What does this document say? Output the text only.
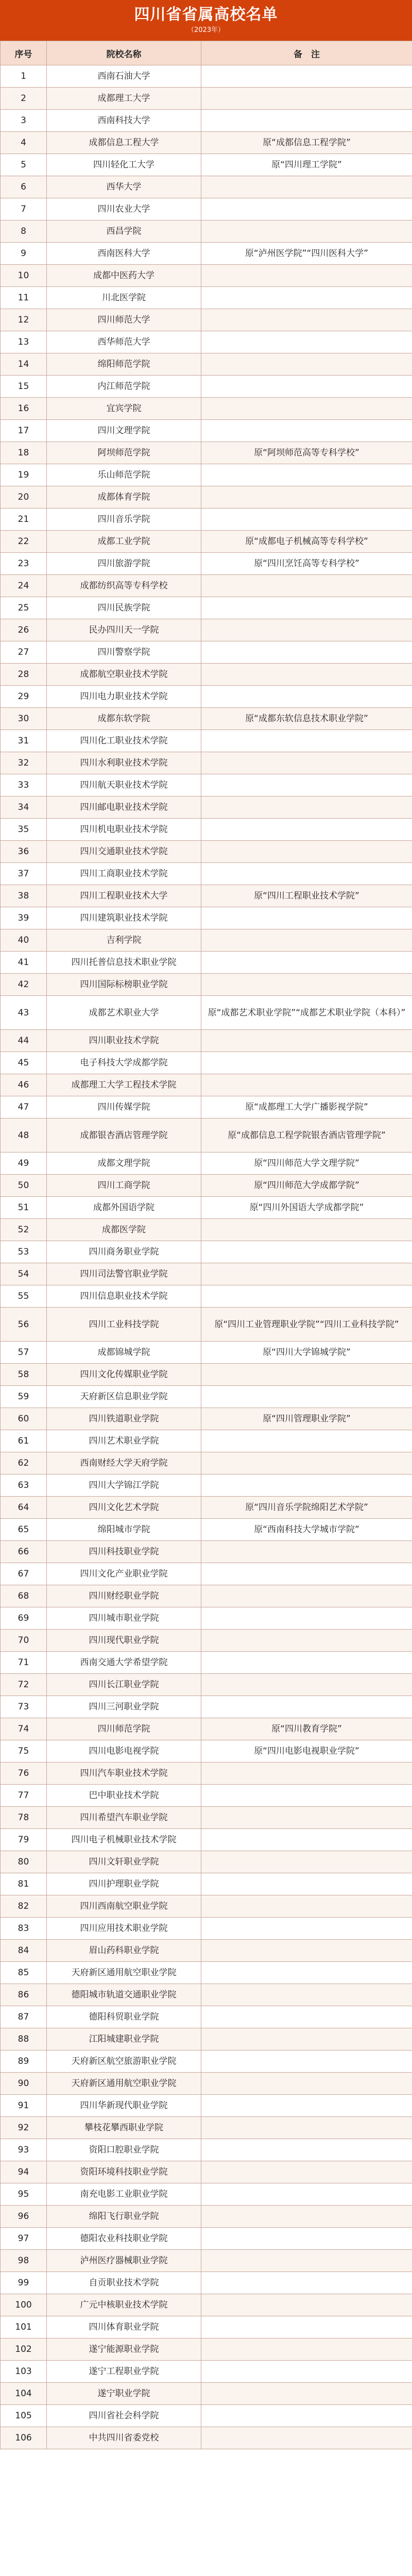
四川省省属高校名单
（2023年）
序号	院校名称	备　注
1	西南石油大学	
2	成都理工大学	
3	西南科技大学	
4	成都信息工程大学	原“成都信息工程学院”
5	四川轻化工大学	原“四川理工学院”
6	西华大学	
7	四川农业大学	
8	西昌学院	
9	西南医科大学	原“泸州医学院”“四川医科大学”
10	成都中医药大学	
11	川北医学院	
12	四川师范大学	
13	西华师范大学	
14	绵阳师范学院	
15	内江师范学院	
16	宜宾学院	
17	四川文理学院	
18	阿坝师范学院	原“阿坝师范高等专科学校”
19	乐山师范学院	
20	成都体育学院	
21	四川音乐学院	
22	成都工业学院	原“成都电子机械高等专科学校”
23	四川旅游学院	原“四川烹饪高等专科学校”
24	成都纺织高等专科学校	
25	四川民族学院	
26	民办四川天一学院	
27	四川警察学院	
28	成都航空职业技术学院	
29	四川电力职业技术学院	
30	成都东软学院	原“成都东软信息技术职业学院”
31	四川化工职业技术学院	
32	四川水利职业技术学院	
33	四川航天职业技术学院	
34	四川邮电职业技术学院	
35	四川机电职业技术学院	
36	四川交通职业技术学院	
37	四川工商职业技术学院	
38	四川工程职业技术大学	原“四川工程职业技术学院”
39	四川建筑职业技术学院	
40	吉利学院	
41	四川托普信息技术职业学院	
42	四川国际标榜职业学院	
43	成都艺术职业大学	原“成都艺术职业学院”“成都艺术职业学院（本科）”
44	四川职业技术学院	
45	电子科技大学成都学院	
46	成都理工大学工程技术学院	
47	四川传媒学院	原“成都理工大学广播影视学院”
48	成都银杏酒店管理学院	原“成都信息工程学院银杏酒店管理学院”
49	成都文理学院	原“四川师范大学文理学院”
50	四川工商学院	原“四川师范大学成都学院”
51	成都外国语学院	原“四川外国语大学成都学院”
52	成都医学院	
53	四川商务职业学院	
54	四川司法警官职业学院	
55	四川信息职业技术学院	
56	四川工业科技学院	原“四川工业管理职业学院”“四川工业科技学院”
57	成都锦城学院	原“四川大学锦城学院”
58	四川文化传媒职业学院	
59	天府新区信息职业学院	
60	四川铁道职业学院	原“四川管理职业学院”
61	四川艺术职业学院	
62	西南财经大学天府学院	
63	四川大学锦江学院	
64	四川文化艺术学院	原“四川音乐学院绵阳艺术学院”
65	绵阳城市学院	原“西南科技大学城市学院”
66	四川科技职业学院	
67	四川文化产业职业学院	
68	四川财经职业学院	
69	四川城市职业学院	
70	四川现代职业学院	
71	西南交通大学希望学院	
72	四川长江职业学院	
73	四川三河职业学院	
74	四川师范学院	原“四川教育学院”
75	四川电影电视学院	原“四川电影电视职业学院”
76	四川汽车职业技术学院	
77	巴中职业技术学院	
78	四川希望汽车职业学院	
79	四川电子机械职业技术学院	
80	四川文轩职业学院	
81	四川护理职业学院	
82	四川西南航空职业学院	
83	四川应用技术职业学院	
84	眉山药科职业学院	
85	天府新区通用航空职业学院	
86	德阳城市轨道交通职业学院	
87	德阳科贸职业学院	
88	江阳城建职业学院	
89	天府新区航空旅游职业学院	
90	天府新区通用航空职业学院	
91	四川华新现代职业学院	
92	攀枝花攀西职业学院	
93	资阳口腔职业学院	
94	资阳环境科技职业学院	
95	南充电影工业职业学院	
96	绵阳飞行职业学院	
97	德阳农业科技职业学院	
98	泸州医疗器械职业学院	
99	自贡职业技术学院	
100	广元中核职业技术学院	
101	四川体育职业学院	
102	遂宁能源职业学院	
103	遂宁工程职业学院	
104	遂宁职业学院	
105	四川省社会科学院	
106	中共四川省委党校	
